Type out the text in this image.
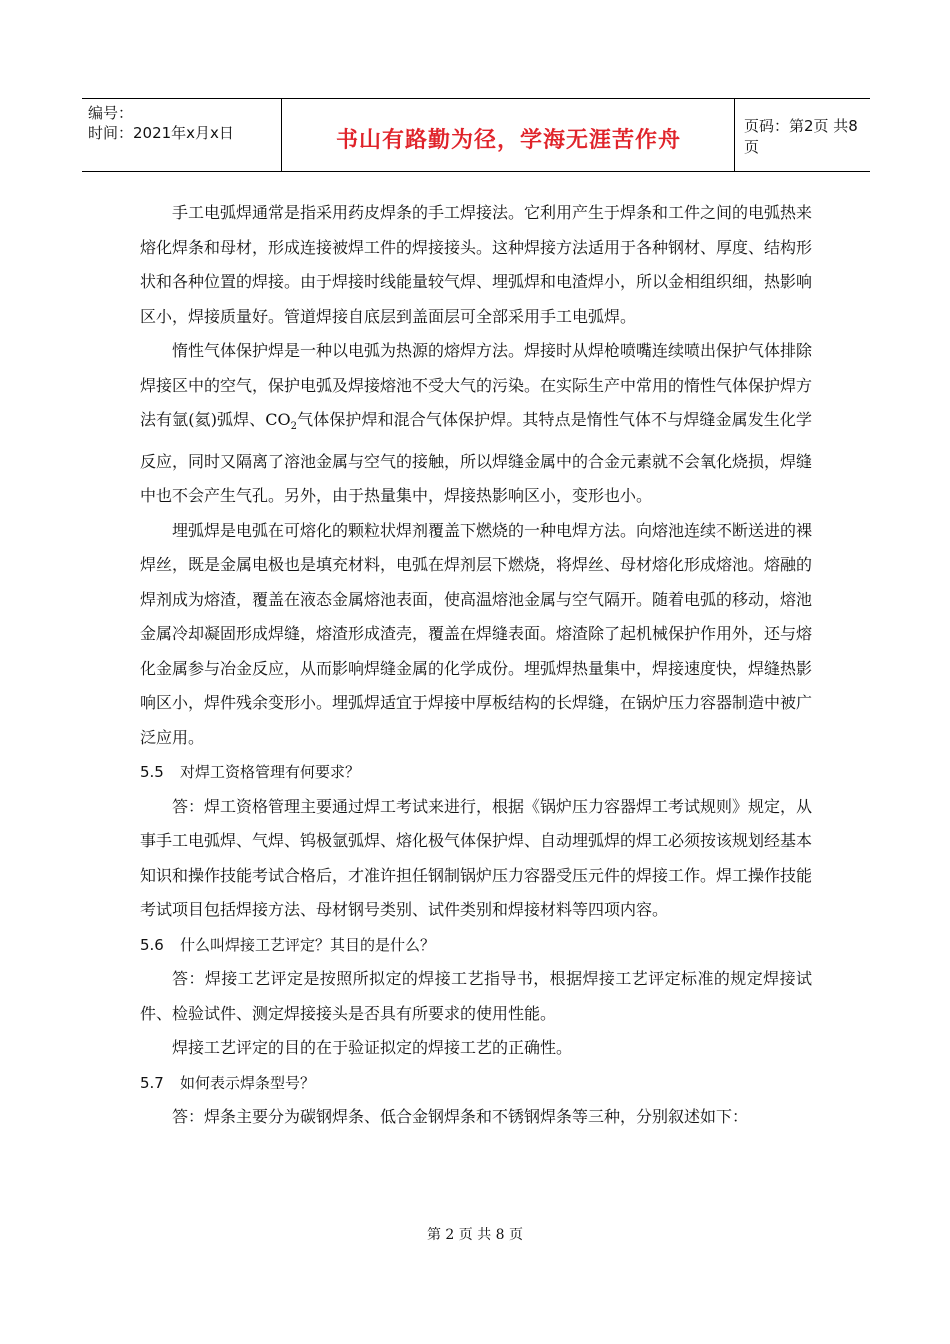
编号：
时间：2021年x月x日	书山有路勤为径，学海无涯苦作舟
页码：第2页 共8页

手工电弧焊通常是指采用药皮焊条的手工焊接法。它利用产生于焊条和工件之间的电弧热来熔化焊条和母材，形成连接被焊工件的焊接接头。这种焊接方法适用于各种钢材、厚度、结构形状和各种位置的焊接。由于焊接时线能量较气焊、埋弧焊和电渣焊小，所以金相组织细，热影响区小，焊接质量好。管道焊接自底层到盖面层可全部采用手工电弧焊。

惰性气体保护焊是一种以电弧为热源的熔焊方法。焊接时从焊枪喷嘴连续喷出保护气体排除焊接区中的空气，保护电弧及焊接熔池不受大气的污染。在实际生产中常用的惰性气体保护焊方法有氩(氦)弧焊、$CO_2$气体保护焊和混合气体保护焊。其特点是惰性气体不与焊缝金属发生化学反应，同时又隔离了溶池金属与空气的接触，所以焊缝金属中的合金元素就不会氧化烧损，焊缝中也不会产生气孔。另外，由于热量集中，焊接热影响区小，变形也小。

埋弧焊是电弧在可熔化的颗粒状焊剂覆盖下燃烧的一种电焊方法。向熔池连续不断送进的裸焊丝，既是金属电极也是填充材料，电弧在焊剂层下燃烧，将焊丝、母材熔化形成熔池。熔融的焊剂成为熔渣，覆盖在液态金属熔池表面，使高温熔池金属与空气隔开。随着电弧的移动，熔池金属冷却凝固形成焊缝，熔渣形成渣壳，覆盖在焊缝表面。熔渣除了起机械保护作用外，还与熔化金属参与冶金反应，从而影响焊缝金属的化学成份。埋弧焊热量集中，焊接速度快，焊缝热影响区小，焊件残余变形小。埋弧焊适宜于焊接中厚板结构的长焊缝，在锅炉压力容器制造中被广泛应用。

5.5 对焊工资格管理有何要求？

答：焊工资格管理主要通过焊工考试来进行，根据《锅炉压力容器焊工考试规则》规定，从事手工电弧焊、气焊、钨极氩弧焊、熔化极气体保护焊、自动埋弧焊的焊工必须按该规划经基本知识和操作技能考试合格后，才准许担任钢制锅炉压力容器受压元件的焊接工作。焊工操作技能考试项目包括焊接方法、母材钢号类别、试件类别和焊接材料等四项内容。

5.6 什么叫焊接工艺评定？其目的是什么？

答：焊接工艺评定是按照所拟定的焊接工艺指导书，根据焊接工艺评定标准的规定焊接试件、检验试件、测定焊接接头是否具有所要求的使用性能。

焊接工艺评定的目的在于验证拟定的焊接工艺的正确性。

5.7 如何表示焊条型号？

答：焊条主要分为碳钢焊条、低合金钢焊条和不锈钢焊条等三种，分别叙述如下：

第 2 页 共 8 页
